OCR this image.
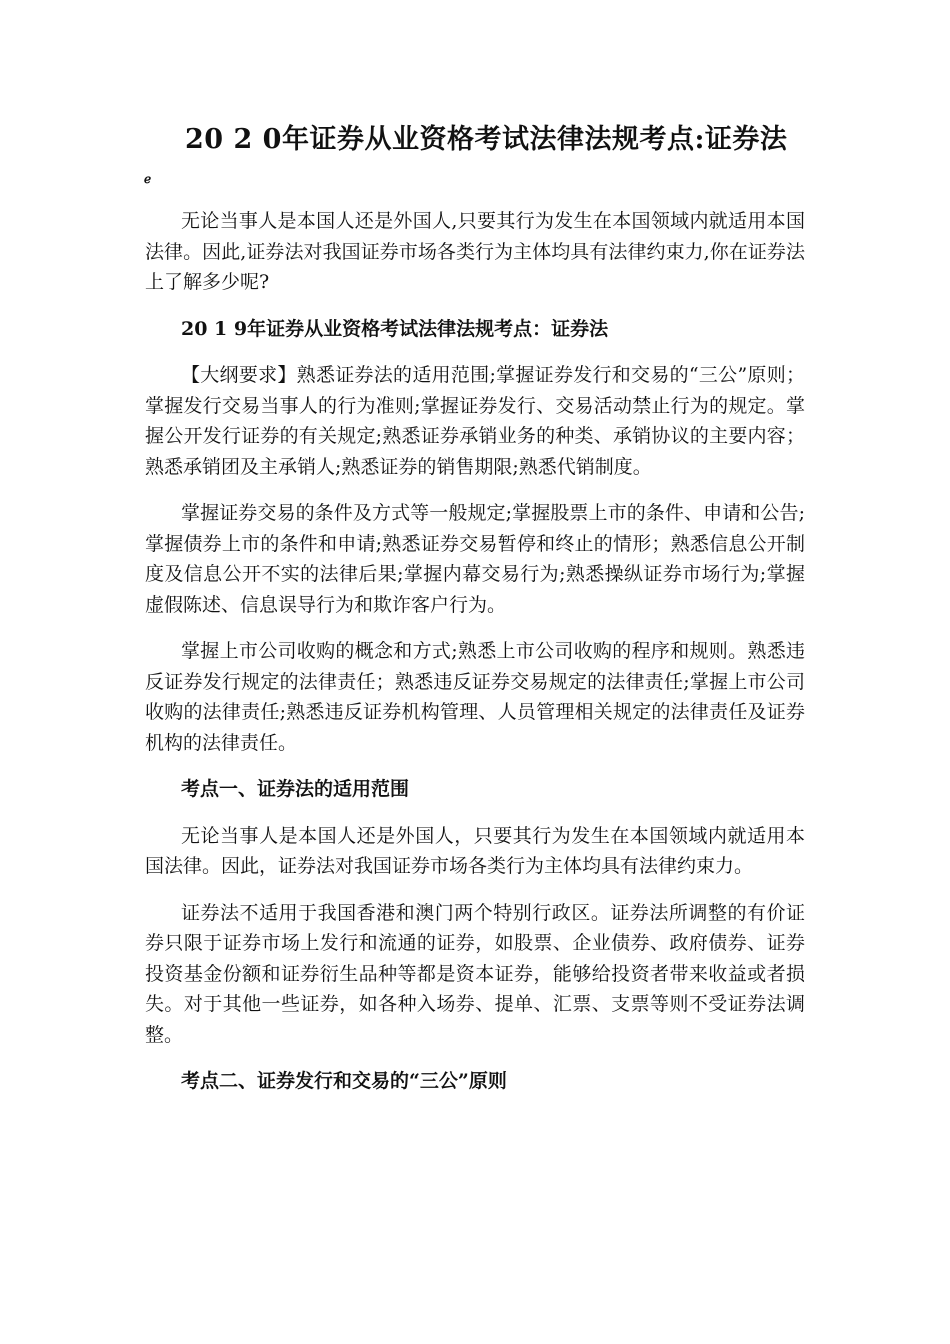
20 2 0年证券从业资格考试法律法规考点:证券法
ℯ

无论当事人是本国人还是外国人,只要其行为发生在本国领域内就适用本国法律。因此,证券法对我国证券市场各类行为主体均具有法律约束力,你在证券法上了解多少呢?

20 1 9年证券从业资格考试法律法规考点：证券法

【大纲要求】熟悉证券法的适用范围;掌握证券发行和交易的“三公”原则；掌握发行交易当事人的行为准则;掌握证券发行、交易活动禁止行为的规定。掌握公开发行证券的有关规定;熟悉证券承销业务的种类、承销协议的主要内容；熟悉承销团及主承销人;熟悉证券的销售期限;熟悉代销制度。

掌握证券交易的条件及方式等一般规定;掌握股票上市的条件、申请和公告;掌握债券上市的条件和申请;熟悉证券交易暂停和终止的情形；熟悉信息公开制度及信息公开不实的法律后果;掌握内幕交易行为;熟悉操纵证券市场行为;掌握虚假陈述、信息误导行为和欺诈客户行为。

掌握上市公司收购的概念和方式;熟悉上市公司收购的程序和规则。熟悉违反证券发行规定的法律责任；熟悉违反证券交易规定的法律责任;掌握上市公司收购的法律责任;熟悉违反证券机构管理、人员管理相关规定的法律责任及证券机构的法律责任。

考点一、证券法的适用范围

无论当事人是本国人还是外国人，只要其行为发生在本国领域内就适用本国法律。因此，证券法对我国证券市场各类行为主体均具有法律约束力。

证券法不适用于我国香港和澳门两个特别行政区。证券法所调整的有价证券只限于证券市场上发行和流通的证券，如股票、企业债券、政府债券、证券投资基金份额和证券衍生品种等都是资本证券，能够给投资者带来收益或者损失。对于其他一些证券，如各种入场券、提单、汇票、支票等则不受证券法调整。

考点二、证券发行和交易的“三公”原则
